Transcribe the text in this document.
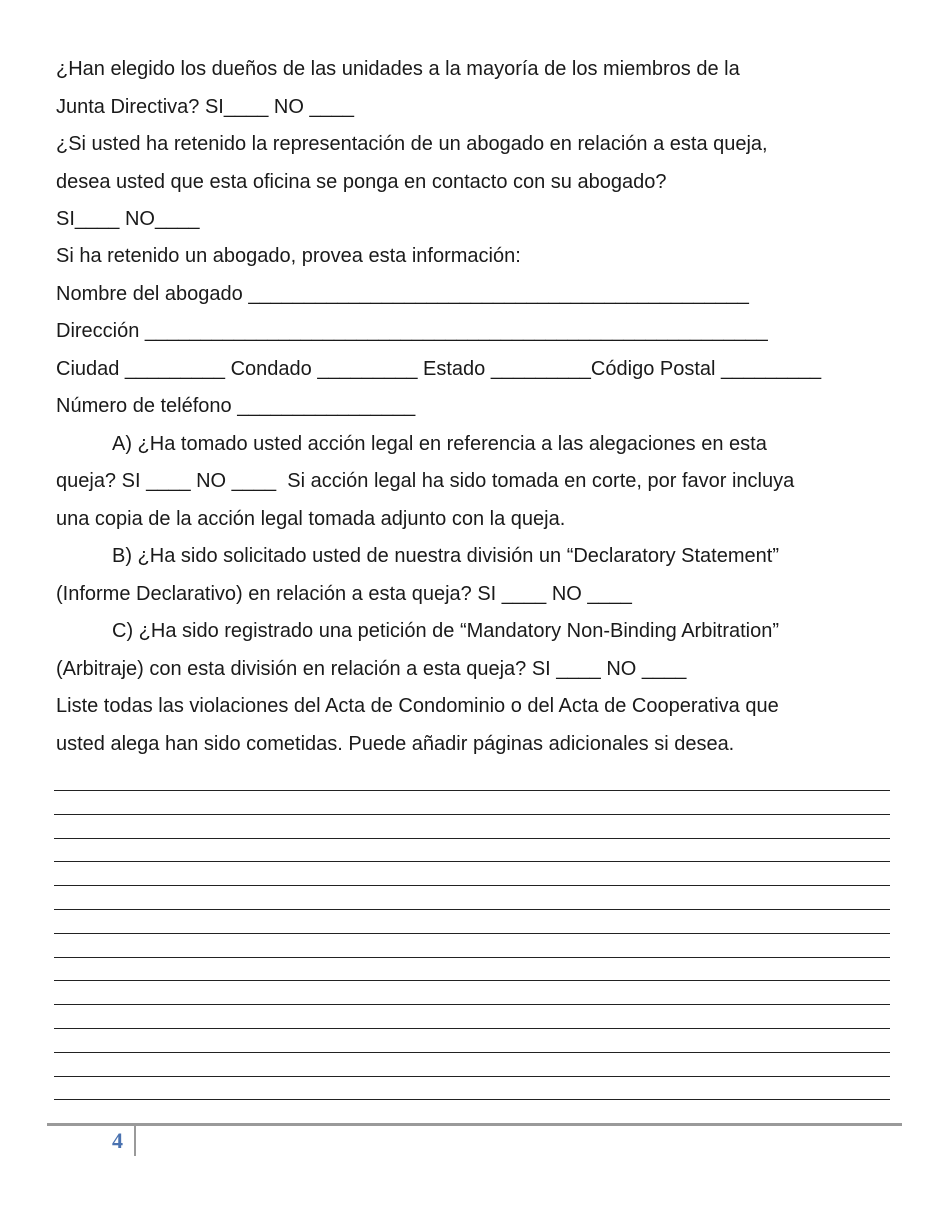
¿Han elegido los dueños de las unidades a la mayoría de los miembros de la
Junta Directiva? SI____ NO ____
¿Si usted ha retenido la representación de un abogado en relación a esta queja,
desea usted que esta oficina se ponga en contacto con su abogado?
SI____ NO____
Si ha retenido un abogado, provea esta información:
Nombre del abogado _____________________________________________
Dirección ________________________________________________________
Ciudad _________ Condado _________ Estado _________Código Postal _________
Número de teléfono ________________
A) ¿Ha tomado usted acción legal en referencia a las alegaciones en esta
queja? SI ____ NO ____  Si acción legal ha sido tomada en corte, por favor incluya
una copia de la acción legal tomada adjunto con la queja.
B) ¿Ha sido solicitado usted de nuestra división un “Declaratory Statement”
(Informe Declarativo) en relación a esta queja? SI ____ NO ____
C) ¿Ha sido registrado una petición de “Mandatory Non-Binding Arbitration”
(Arbitraje) con esta división en relación a esta queja? SI ____ NO ____
Liste todas las violaciones del Acta de Condominio o del Acta de Cooperativa que
usted alega han sido cometidas. Puede añadir páginas adicionales si desea.
4
